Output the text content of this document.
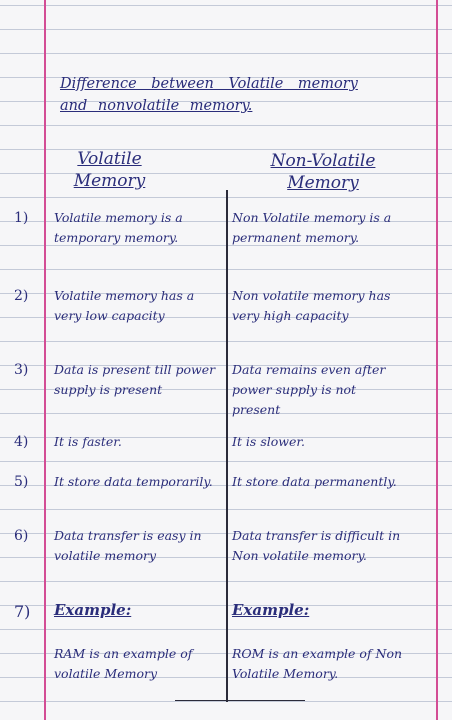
Difference between Volatile memory
and nonvolatile memory.
Volatile
Memory
Non-Volatile
Memory
1) Volatile memory is a temporary memory.
Non Volatile memory is a permanent memory.
2) Volatile memory has a very low capacity
Non volatile memory has very high capacity
3) Data is present till power supply is present
Data remains even after power supply is not present
4) It is faster.	It is slower.
5) It store data temporarily.	It store data permanently.
6) Data transfer is easy in volatile memory
Data transfer is difficult in Non volatile memory.
7) Example:	Example:
RAM is an example of volatile Memory
ROM is an example of Non Volatile Memory.
